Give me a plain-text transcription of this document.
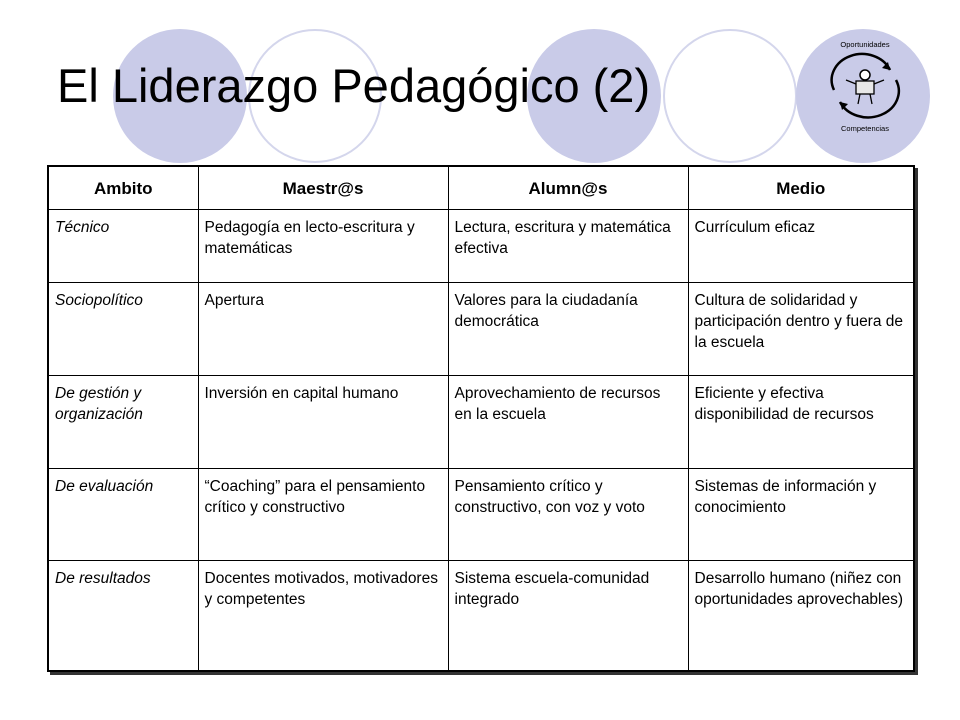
El Liderazgo Pedagógico (2)
Oportunidades
Competencias
Ambito	Maestr@s	Alumn@s	Medio
Técnico	Pedagogía en lecto-escritura y matemáticas	Lectura, escritura y matemática efectiva	Currículum eficaz
Sociopolítico	Apertura	Valores para la ciudadanía democrática	Cultura de solidaridad y participación dentro y fuera de la escuela
De gestión y organización	Inversión en capital humano	Aprovechamiento de recursos en la escuela	Eficiente y efectiva disponibilidad de recursos
De evaluación	“Coaching” para el pensamiento crítico y constructivo	Pensamiento crítico y constructivo, con voz y voto	Sistemas de información y conocimiento
De resultados	Docentes motivados, motivadores y competentes	Sistema escuela-comunidad integrado	Desarrollo humano (niñez con oportunidades aprovechables)
